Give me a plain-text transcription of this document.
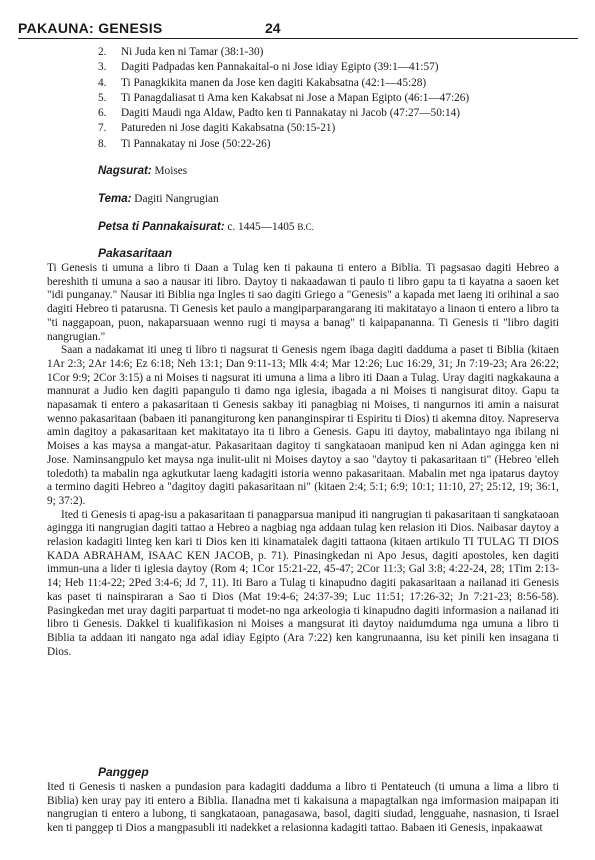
PAKAUNA: GENESIS	24
2.	Ni Juda ken ni Tamar (38:1-30)
3.	Dagiti Padpadas ken Pannakaital-o ni Jose idiay Egipto (39:1—41:57)
4.	Ti Panagkikita manen da Jose ken dagiti Kakabsatna (42:1—45:28)
5.	Ti Panagdaliasat ti Ama ken Kakabsat ni Jose a Mapan Egipto (46:1—47:26)
6.	Dagiti Maudi nga Aldaw, Padto ken ti Pannakatay ni Jacob (47:27—50:14)
7.	Patureden ni Jose dagiti Kakabsatna (50:15-21)
8.	Ti Pannakatay ni Jose (50:22-26)
Nagsurat: Moises
Tema: Dagiti Nangrugian
Petsa ti Pannakaisurat: c. 1445—1405 B.C.
Pakasaritaan

Ti Genesis ti umuna a libro ti Daan a Tulag ken ti pakauna ti entero a Biblia. Ti pagsasao dagiti Hebreo a bereshith ti umuna a sao a nausar iti libro. Daytoy ti nakaadawan ti paulo ti libro gapu ta ti kayatna a saoen ket "idi punganay." Nausar iti Biblia nga Ingles ti sao dagiti Griego a "Genesis" a kapada met laeng iti orihinal a sao dagiti Hebreo ti patarusna. Ti Genesis ket paulo a mangiparparangarang iti makitatayo a linaon ti entero a libro ta "ti naggapoan, puon, nakaparsuaan wenno rugi ti maysa a banag" ti kaipapananna. Ti Genesis ti "libro dagiti nangrugian."

Saan a nadakamat iti uneg ti libro ti nagsurat ti Genesis ngem ibaga dagiti dadduma a paset ti Biblia (kitaen 1Ar 2:3; 2Ar 14:6; Ez 6:18; Neh 13:1; Dan 9:11-13; Mlk 4:4; Mar 12:26; Luc 16:29, 31; Jn 7:19-23; Ara 26:22; 1Cor 9:9; 2Cor 3:15) a ni Moises ti nagsurat iti umuna a lima a libro iti Daan a Tulag. Uray dagiti nagkakauna a mannurat a Judio ken dagiti papangulo ti damo nga iglesia, ibagada a ni Moises ti nangisurat ditoy. Gapu ta napasamak ti entero a pakasaritaan ti Genesis sakbay iti panagbiag ni Moises, ti nangurnos iti amin a naisurat wenno pakasaritaan (babaen iti panangiturong ken pananginspirar ti Espiritu ti Dios) ti akemna ditoy. Napreserva amin dagitoy a pakasaritaan ket makitatayo ita ti libro a Genesis. Gapu iti daytoy, mabalintayo nga ibilang ni Moises a kas maysa a mangat-atur. Pakasaritaan dagitoy ti sangkataoan manipud ken ni Adan agingga ken ni Jose. Naminsangpulo ket maysa nga inulit-ulit ni Moises daytoy a sao "daytoy ti pakasaritaan ti" (Hebreo 'elleh toledoth) ta mabalin nga agkutkutar laeng kadagiti istoria wenno pakasaritaan. Mabalin met nga ipatarus daytoy a termino dagiti Hebreo a "dagitoy dagiti pakasaritaan ni" (kitaen 2:4; 5:1; 6:9; 10:1; 11:10, 27; 25:12, 19; 36:1, 9; 37:2).

Ited ti Genesis ti apag-isu a pakasaritaan ti panagparsua manipud iti nangrugian ti pakasaritaan ti sangkataoan agingga iti nangrugian dagiti tattao a Hebreo a nagbiag nga addaan tulag ken relasion iti Dios. Naibasar daytoy a relasion kadagiti linteg ken kari ti Dios ken iti kinamatalek dagiti tattaona (kitaen artikulo TI TULAG TI DIOS KADA ABRAHAM, ISAAC KEN JACOB, p. 71). Pinasingkedan ni Apo Jesus, dagiti apostoles, ken dagiti immun-una a lider ti iglesia daytoy (Rom 4; 1Cor 15:21-22, 45-47; 2Cor 11:3; Gal 3:8; 4:22-24, 28; 1Tim 2:13-14; Heb 11:4-22; 2Ped 3:4-6; Jd 7, 11). Iti Baro a Tulag ti kinapudno dagiti pakasaritaan a nailanad iti Genesis kas paset ti nainspiraran a Sao ti Dios (Mat 19:4-6; 24:37-39; Luc 11:51; 17:26-32; Jn 7:21-23; 8:56-58). Pasingkedan met uray dagiti parpartuat ti modet-no nga arkeologia ti kinapudno dagiti informasion a nailanad iti libro ti Genesis. Dakkel ti kualifikasion ni Moises a mangsurat iti daytoy naidumduma nga umuna a libro ti Biblia ta addaan iti nangato nga adal idiay Egipto (Ara 7:22) ken kangrunaanna, isu ket pinili ken insagana ti Dios.

Panggep

Ited ti Genesis ti nasken a pundasion para kadagiti dadduma a libro ti Pentateuch (ti umuna a lima a libro ti Biblia) ken uray pay iti entero a Biblia. Ilanadna met ti kakaisuna a mapagtalkan nga imformasion maipapan iti nangrugian ti entero a lubong, ti sangkataoan, panagasawa, basol, dagiti siudad, lengguahe, nasnasion, ti Israel ken ti panggep ti Dios a mangpasubli iti nadekket a relasionna kadagiti tattao. Babaen iti Genesis, inpakaawat
